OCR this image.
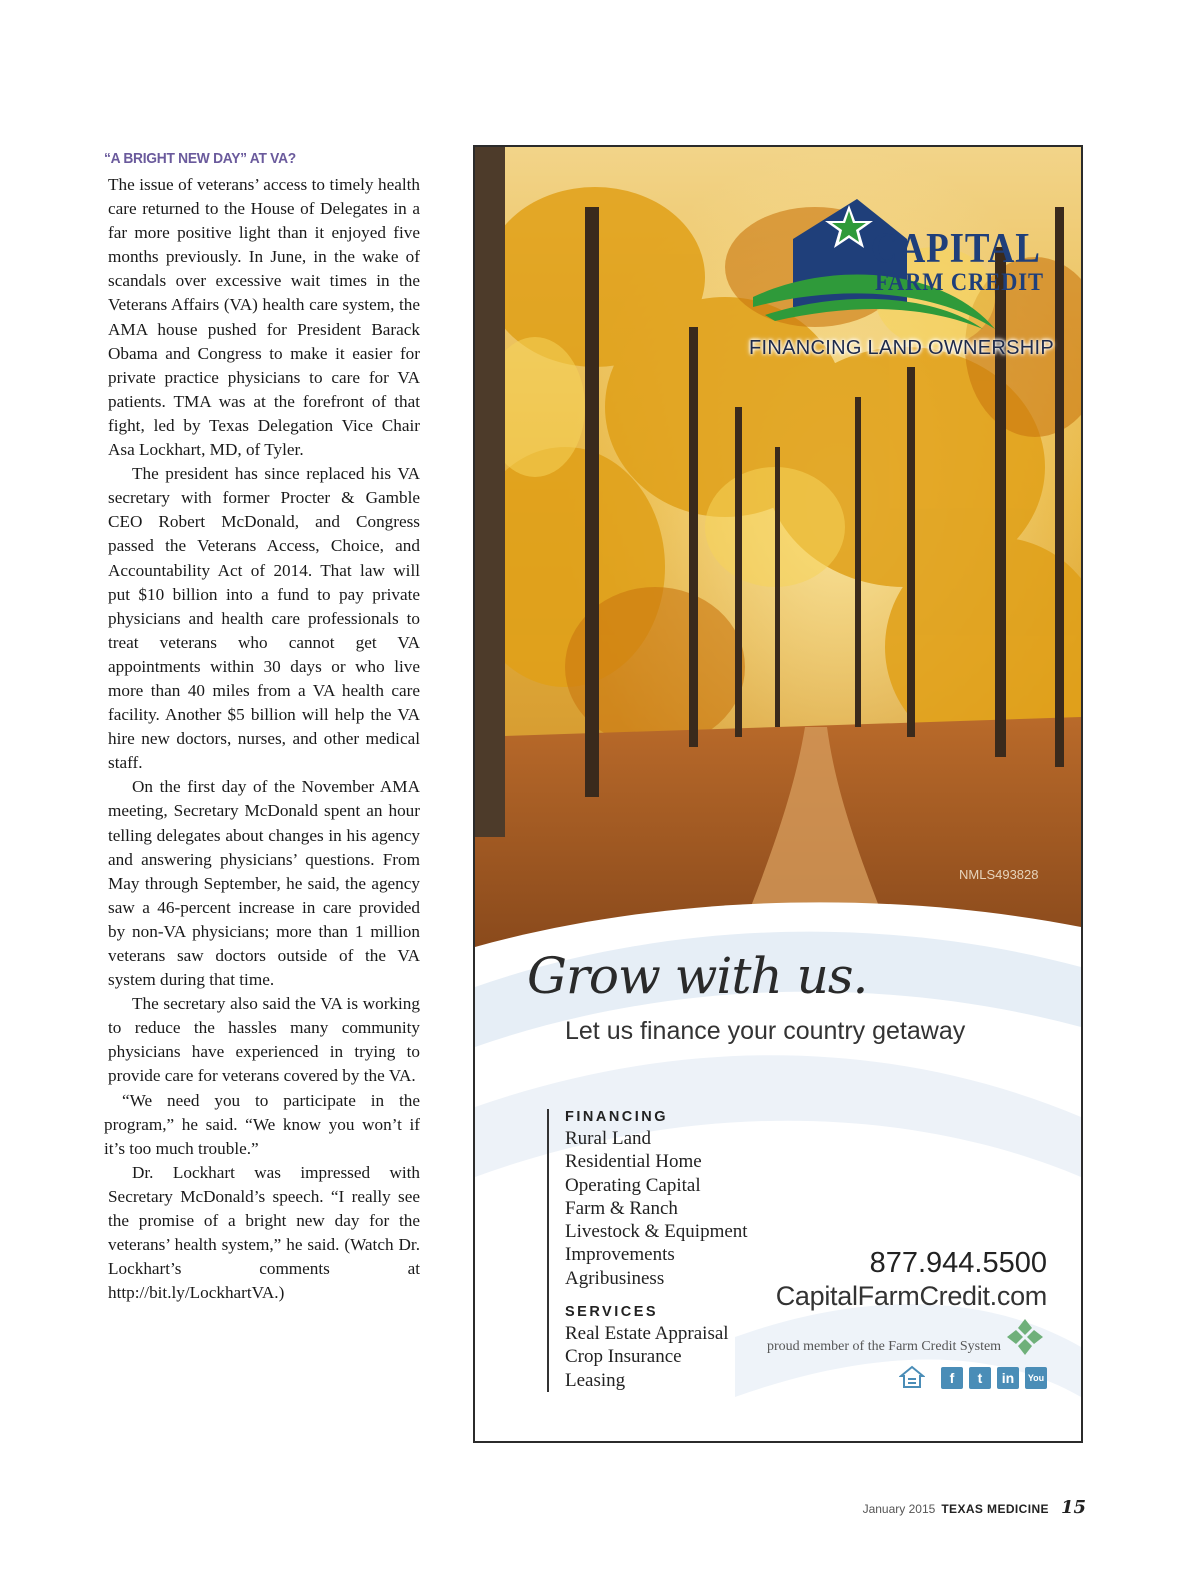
“A BRIGHT NEW DAY” AT VA?

The issue of veterans’ access to timely health care returned to the House of Delegates in a far more positive light than it enjoyed five months previously. In June, in the wake of scandals over excessive wait times in the Veterans Affairs (VA) health care system, the AMA house pushed for President Barack Obama and Congress to make it easier for private practice physicians to care for VA patients. TMA was at the forefront of that fight, led by Texas Delegation Vice Chair Asa Lockhart, MD, of Tyler.

The president has since replaced his VA secretary with former Procter & Gamble CEO Robert McDonald, and Congress passed the Veterans Access, Choice, and Accountability Act of 2014. That law will put $10 billion into a fund to pay private physicians and health care professionals to treat veterans who cannot get VA appointments within 30 days or who live more than 40 miles from a VA health care facility. Another $5 billion will help the VA hire new doctors, nurses, and other medical staff.

On the first day of the November AMA meeting, Secretary McDonald spent an hour telling delegates about changes in his agency and answering physicians’ questions. From May through September, he said, the agency saw a 46-percent increase in care provided by non-VA physicians; more than 1 million veterans saw doctors outside of the VA system during that time.

The secretary also said the VA is working to reduce the hassles many community physicians have experienced in trying to provide care for veterans covered by the VA.

“We need you to participate in the program,” he said. “We know you won’t if it’s too much trouble.”

Dr. Lockhart was impressed with Secretary McDonald’s speech. “I really see the promise of a bright new day for the veterans’ health system,” he said. (Watch Dr. Lockhart’s comments at http://bit.ly/LockhartVA.)

CAPITAL
FARM CREDIT
FINANCING LAND OWNERSHIP
NMLS493828
Grow with us.
Let us finance your country getaway
FINANCING
Rural Land
Residential Home
Operating Capital
Farm & Ranch
Livestock & Equipment
Improvements
Agribusiness
SERVICES
Real Estate Appraisal
Crop Insurance
Leasing
877.944.5500
CapitalFarmCredit.com
proud member of the Farm Credit System
f	t	in	You
January 2015 TEXAS MEDICINE 15
